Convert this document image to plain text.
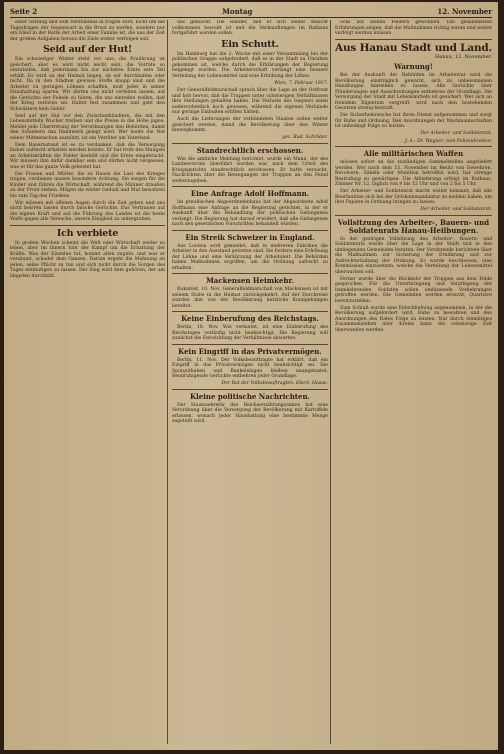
Seite 2	Montag	12. November

einer Geltung und sein Verständnis in tragen wird, nicht um die Tagesfragen der Gegenwart in die Brust zu werfen, sondern nur ein Glied in der Kette der Arbeit einer Familie ist, die aus der Zeit der großen Aufgaben heraus die Ziele weiter verfolgen soll.

Seid auf der Hut!

Ein schwieriger Winter steht vor uns; die Ernährung ist gesichert, aber es wird nicht leicht sein, die Vorräte so einzuteilen, daß jedermann bis zur nächsten Ernte sein Teil erhält. Es wird an der Heimat liegen, ob wir durchhalten oder nicht. Da in den Städten gewisse Stoffe knapp sind und die Arbeiter zu geringen Löhnen schaffen, muß jeder in seiner Haushaltung sparen. Wir dürfen uns nicht verleiten lassen, auf die Gerüchte der Feinde zu hören, die uns einreden wollen, daß der Krieg verloren sei. Haltet fest zusammen und gebt den Schwätzern kein Gehör.

Seid auf der Hut vor den Zwischenhändlern, die mit den Lebensmitteln Wucher treiben und die Preise in die Höhe jagen. Meldet jede Übertretung der Verordnungen den Behörden, damit den Schiebern das Handwerk gelegt wird. Wer heute die Not seiner Mitmenschen ausnützt, ist ein Verräter am Vaterland.

Dem Bauernstand ist es zu verdanken, daß die Versorgung bisher aufrecht erhalten werden konnte. Er hat trotz des Mangels an Arbeitskräften die Felder bestellt und die Ernte eingebracht. Wir müssen ihm dafür dankbar sein und dürfen nicht vergessen, was er für das ganze Volk geleistet hat.

Die Frauen und Mütter, die zu Hause die Last des Krieges tragen, verdienen unsere besondere Achtung. Sie sorgen für die Kinder und führen die Wirtschaft, während die Männer draußen an der Front stehen. Mögen sie weiter Geduld und Mut bewahren bis zum Tag des Friedens.

Wir müssen mit offenen Augen durch die Zeit gehen und uns nicht beirren lassen durch falsche Gerüchte. Das Vertrauen auf die eigene Kraft und auf die Führung des Landes ist die beste Waffe gegen alle Versuche, unsere Einigkeit zu untergraben.

Ich verbiete

In großen Wochen scheint die Welt oder Wirtschaft weiter zu leben, aber im Innern tobt der Kampf um die Erhaltung der Kräfte. Was der Einzelne tut, kommt allen zugute, und was er versäumt, schadet dem Ganzen. Darum ergeht die Mahnung an jeden, seine Pflicht zu tun und sich nicht durch die Sorgen des Tages entmutigen zu lassen. Der Sieg wird dem gehören, der am längsten durchhält.

das gemacht. Die Ränder, daß er sich seiner Ansicht vollkommen bewußt ist und die Verhandlungen im Rathaus fortgeführt werden sollen.

Ein Schutt.

Im Hamburg hat die 2. Woche mit einer Versammlung bei der politischen Gruppe aufgefordert, daß es in der Stadt zu Unruhen gekommen ist, welche durch die Erklärungen der Regierung beigelegt wurden. Die Arbeiterschaft verlangt eine bessere Verteilung der Lebensmittel und eine Erhöhung der Löhne.

Wien, 7. Februar 1917.

Der Generalfeldmarschall sprach über die Lage an der Ostfront und hob hervor, daß die Truppen unter schwierigen Verhältnissen ihre Stellungen gehalten haben. Die Verluste des Gegners seien außerordentlich hoch gewesen, während die eigenen Verbände nur geringe Einbußen erlitten hätten.

Auch die Lieferungen der verbündeten Staaten sollen weiter gesichert werden, damit die Bevölkerung über den Winter hinwegkommt.

gez. Rud. Schröder.
Standrechtlich erschossen.

Wie die amtliche Meldung berichtet, wurde ein Mann, der des Landesverrats überführt worden war, nach dem Urteil des Kriegsgerichts standrechtlich erschossen. Er hatte versucht, Nachrichten über die Bewegungen der Truppen an den Feind weiterzugeben.

Eine Anfrage Adolf Hoffmann.

Im preußischen Abgeordnetenhaus hat der Abgeordnete Adolf Hoffmann eine Anfrage an die Regierung gerichtet, in der er Auskunft über die Behandlung der politischen Gefangenen verlangt. Die Regierung hat darauf erwidert, daß alle Gefangenen nach den gesetzlichen Vorschriften behandelt würden.

Ein Streik Schweizer in England.

Aus London wird gemeldet, daß in mehreren Fabriken die Arbeiter in den Ausstand getreten sind. Sie fordern eine Erhöhung der Löhne und eine Verkürzung der Arbeitszeit. Die Behörden haben Maßnahmen ergriffen, um die Ordnung aufrecht zu erhalten.

Mackensen Heimkehr.

Bukarest, 10. Nov. Generalfeldmarschall von Mackensen ist mit seinem Stabe in die Heimat zurückgekehrt. Auf der Durchreise wurden ihm von der Bevölkerung herzliche Kundgebungen bereitet.

Keine Einberufung des Reichstags.

Berlin, 10. Nov. Wie verlautet, ist eine Einberufung des Reichstages vorläufig nicht beabsichtigt. Die Regierung will zunächst die Entwicklung der Verhältnisse abwarten.

Kein Eingriff in das Privatvermögen.

Berlin, 11. Nov. Der Volksbeauftragte hat erklärt, daß ein Eingriff in das Privatvermögen nicht beabsichtigt sei. Die Sparguthaben und Bankeinlagen bleiben unangetastet. Beunruhigende Gerüchte entbehren jeder Grundlage.

Der Rat der Volksbeauftragten. Ebert. Haase.
Kleine politische Nachrichten.

Der Staatssekretär des Reichsernährungsamtes hat eine Verordnung über die Versorgung der Bevölkerung mit Kartoffeln erlassen, wonach jeder Haushaltung eine bestimmte Menge zugeteilt wird.

ocks auf seinen Feldern gewonnen. Die gesammelten Erfahrungen zeigen, daß die Maßnahmen richtig waren und weiter verfolgt werden müssen.

Aus Hanau Stadt und Land.
Hanau, 12. November.
Warnung!

Bei der Auskunft der Behörden im Arbeiterrat wird die Bevölkerung eindringlich gewarnt, sich zu unbesonnenen Handlungen hinreißen zu lassen. Alle Gerüchte über Plünderungen und Ausschreitungen entbehren der Grundlage. Die Versorgung der Stadt mit Lebensmitteln ist gesichert. Wer sich an fremdem Eigentum vergreift, wird nach den bestehenden Gesetzen streng bestraft.

Die Sicherheitswache hat ihren Dienst aufgenommen und sorgt für Ruhe und Ordnung. Den Anordnungen der Wachmannschaften ist unbedingt Folge zu leisten.

Der Arbeiter- und Soldatenrat.
J. A.: Dr. Wagner, zum Polizeidirektor.
Alle militärischen Waffen

müssen sofort an die zuständigen Sammelstellen abgeliefert werden. Wer nach dem 15. November im Besitz von Gewehren, Revolvern, Säbeln oder Munition betroffen wird, hat strenge Bestrafung zu gewärtigen. Die Ablieferung erfolgt im Rathaus, Zimmer Nr. 12, täglich von 9 bis 12 Uhr und von 2 bis 5 Uhr.

Der Arbeiter- und Soldatenrat macht weiter bekannt, daß alle Beurlaubten sich bei der Ortskommandantur zu melden haben, um ihre Papiere in Ordnung bringen zu lassen.

Der Arbeiter- und Soldatenrat.
Vollsitzung des Arbeiter-, Bauern- und Soldatenrats Hanau-Heilbungen.

In der gestrigen Vollsitzung des Arbeiter-, Bauern- und Soldatenrats wurde über die Lage in der Stadt und in den umliegenden Gemeinden beraten. Der Vorsitzende berichtete über die Maßnahmen zur Sicherung der Ernährung und zur Aufrechterhaltung der Ordnung. Es wurde beschlossen, eine Kommission einzusetzen, welche die Verteilung der Lebensmittel überwachen soll.

Ferner wurde über die Rückkehr der Truppen aus dem Felde gesprochen. Für die Unterbringung und Verpflegung der heimkehrenden Soldaten sollen umfassende Vorkehrungen getroffen werden. Die Gemeinden werden ersucht, Quartiere bereitzustellen.

Zum Schluß wurde eine Entschließung angenommen, in der die Bevölkerung aufgefordert wird, Ruhe zu bewahren und den Anordnungen des Rates Folge zu leisten. Nur durch einmütiges Zusammenstehen aller Kreise kann die schwierige Zeit überwunden werden.
